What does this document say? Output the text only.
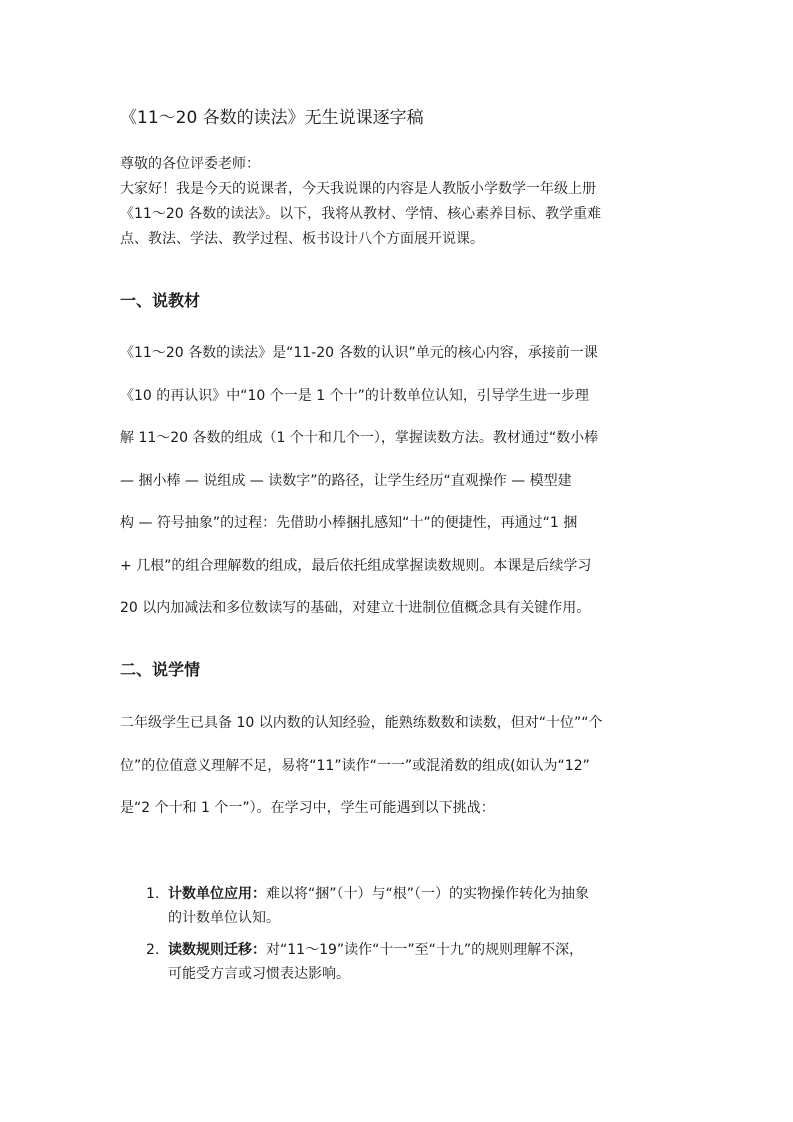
《11～20 各数的读法》无生说课逐字稿
尊敬的各位评委老师：
大家好！我是今天的说课者，今天我说课的内容是人教版小学数学一年级上册
《11～20 各数的读法》。以下，我将从教材、学情、核心素养目标、教学重难
点、教法、学法、教学过程、板书设计八个方面展开说课。
一、说教材
《11～20 各数的读法》是“11-20 各数的认识”单元的核心内容，承接前一课
《10 的再认识》中“10 个一是 1 个十”的计数单位认知，引导学生进一步理
解 11～20 各数的组成（1 个十和几个一），掌握读数方法。教材通过“数小棒
— 捆小棒 — 说组成 — 读数字”的路径，让学生经历“直观操作 — 模型建
构 — 符号抽象”的过程：先借助小棒捆扎感知“十”的便捷性，再通过“1 捆
+ 几根”的组合理解数的组成，最后依托组成掌握读数规则。本课是后续学习
20 以内加减法和多位数读写的基础，对建立十进制位值概念具有关键作用。
二、说学情
二年级学生已具备 10 以内数的认知经验，能熟练数数和读数，但对“十位”“个
位”的位值意义理解不足，易将“11”读作“一一”或混淆数的组成(如认为“12”
是“2 个十和 1 个一”）。在学习中，学生可能遇到以下挑战：
1. 计数单位应用：难以将“捆”（十）与“根”（一）的实物操作转化为抽象
的计数单位认知。
2. 读数规则迁移：对“11～19”读作“十一”至“十九”的规则理解不深，
可能受方言或习惯表达影响。
